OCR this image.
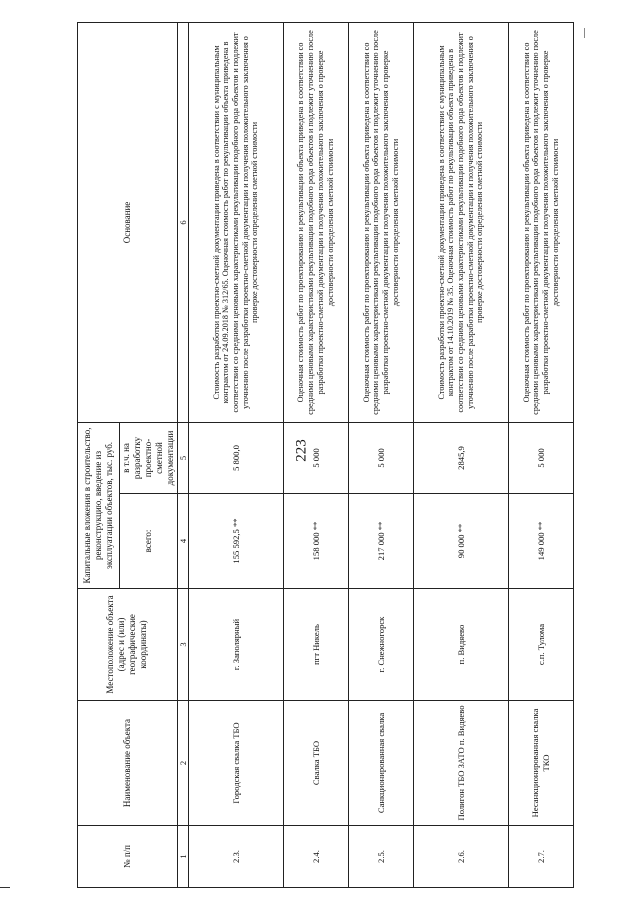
223
№ п/п	Наименование объекта	Местоположение объекта (адрес и (или) географические координаты)	Капитальные вложения в строительство, реконструкцию, введение из эксплуатации объектов, тыс. руб.		Основание
			всего:	в т.ч. на разработку проектно-сметной документации	
1	2	3	4	5	6
2.3.	Городская свалка ТБО	г. Заполярный	155 592,5 **	5 800,0	Стоимость разработки проектно-сметной документации приведена в соответствии с муниципальным контрактом от 24.09.2018 № 312/65. Оценочная стоимость работ по рекультивации объекта приведена в соответствии со средними ценовыми характеристиками рекультивации подобного рода объектов и подлежит уточнению после разработки проектно-сметной документации и получения положительного заключения о проверке достоверности определения сметной стоимости
2.4.	Свалка ТБО	пгт Никель	158 000 **	5 000	Оценочная стоимость работ по проектированию и рекультивации объекта приведена в соответствии со средними ценовыми характеристиками рекультивации подобного рода объектов и подлежит уточнению после разработки проектно-сметной документации и получения положительного заключения о проверке достоверности определения сметной стоимости
2.5.	Санкционированная свалка	г. Снежногорск	217 000 **	5 000	Оценочная стоимость работ по проектированию и рекультивации объекта приведена в соответствии со средними ценовыми характеристиками рекультивации подобного рода объектов и подлежит уточнению после разработки проектно-сметной документации и получения положительного заключения о проверке достоверности определения сметной стоимости
2.6.	Полигон ТБО ЗАТО п. Видяево	п. Видяево	90 000 **	2845,9	Стоимость разработки проектно-сметной документации приведена в соответствии с муниципальным контрактом от 14.10.2019 № 35. Оценочная стоимость работ по рекультивации объекта приведена в соответствии со средними ценовыми характеристиками рекультивации подобного рода объектов и подлежит уточнению после разработки проектно-сметной документации и получения положительного заключения о проверке достоверности определения сметной стоимости
2.7.	Несанкционированная свалка ТКО	с.п. Тулома	149 000 **	5 000	Оценочная стоимость работ по проектированию и рекультивации объекта приведена в соответствии со средними ценовыми характеристиками рекультивации подобного рода объектов и подлежит уточнению после разработки проектно-сметной документации и получения положительного заключения о проверке достоверности определения сметной стоимости
